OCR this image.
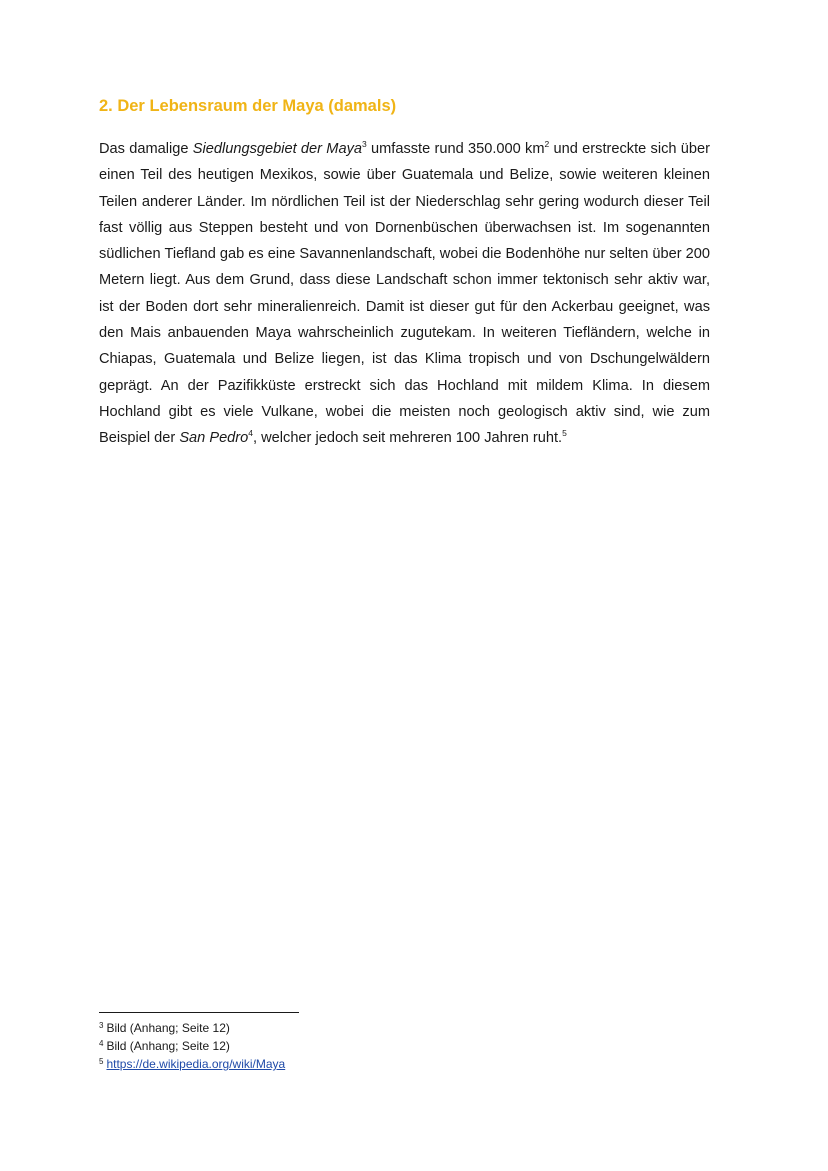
2. Der Lebensraum der Maya (damals)

Das damalige Siedlungsgebiet der Maya$^3$ umfasste rund 350.000 $km^2$ und erstreckte sich über einen Teil des heutigen Mexikos, sowie über Guatemala und Belize, sowie weiteren kleinen Teilen anderer Länder. Im nördlichen Teil ist der Niederschlag sehr gering wodurch dieser Teil fast völlig aus Steppen besteht und von Dornenbüschen überwachsen ist. Im sogenannten südlichen Tiefland gab es eine Savannenlandschaft, wobei die Bodenhöhe nur selten über 200 Metern liegt. Aus dem Grund, dass diese Landschaft schon immer tektonisch sehr aktiv war, ist der Boden dort sehr mineralienreich. Damit ist dieser gut für den Ackerbau geeignet, was den Mais anbauenden Maya wahrscheinlich zugutekam. In weiteren Tiefländern, welche in Chiapas, Guatemala und Belize liegen, ist das Klima tropisch und von Dschungelwäldern geprägt. An der Pazifikküste erstreckt sich das Hochland mit mildem Klima. In diesem Hochland gibt es viele Vulkane, wobei die meisten noch geologisch aktiv sind, wie zum Beispiel der San Pedro$^4$, welcher jedoch seit mehreren 100 Jahren ruht.$^5$

$^3$ Bild (Anhang; Seite 12)
$^4$ Bild (Anhang; Seite 12)
$^5$ https://de.wikipedia.org/wiki/Maya
